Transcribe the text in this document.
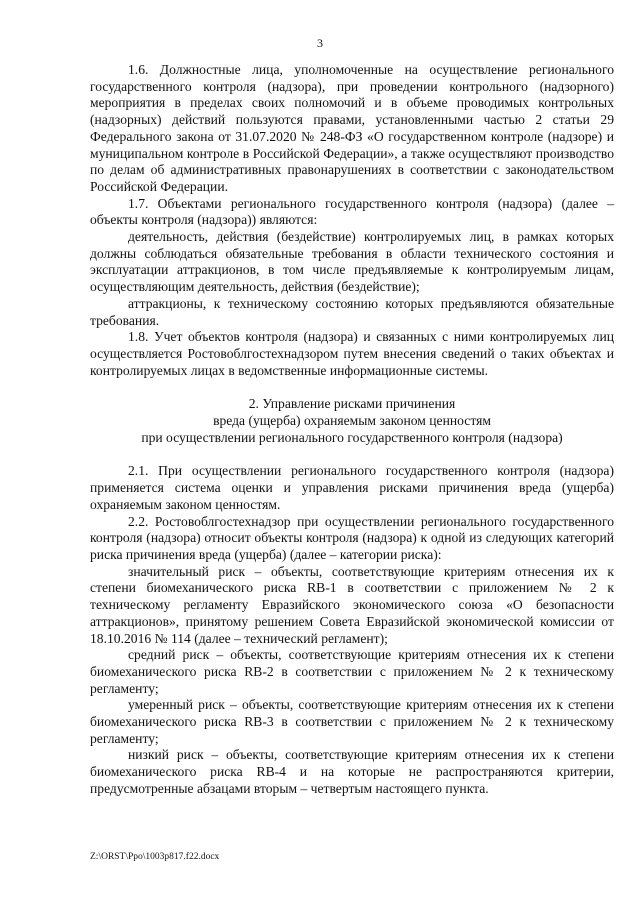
3

1.6. Должностные лица, уполномоченные на осуществление регионального государственного контроля (надзора), при проведении контрольного (надзорного) мероприятия в пределах своих полномочий и в объеме проводимых контрольных (надзорных) действий пользуются правами, установленными частью 2 статьи 29 Федерального закона от 31.07.2020 № 248-ФЗ «О государственном контроле (надзоре) и муниципальном контроле в Российской Федерации», а также осуществляют производство по делам об административных правонарушениях в соответствии с законодательством Российской Федерации.

1.7. Объектами регионального государственного контроля (надзора) (далее – объекты контроля (надзора)) являются:

деятельность, действия (бездействие) контролируемых лиц, в рамках которых должны соблюдаться обязательные требования в области технического состояния и эксплуатации аттракционов, в том числе предъявляемые к контролируемым лицам, осуществляющим деятельность, действия (бездействие);

аттракционы, к техническому состоянию которых предъявляются обязательные требования.

1.8. Учет объектов контроля (надзора) и связанных с ними контролируемых лиц осуществляется Ростовоблгостехнадзором путем внесения сведений о таких объектах и контролируемых лицах в ведомственные информационные системы.

2. Управление рисками причинения
вреда (ущерба) охраняемым законом ценностям
при осуществлении регионального государственного контроля (надзора)

2.1. При осуществлении регионального государственного контроля (надзора) применяется система оценки и управления рисками причинения вреда (ущерба) охраняемым законом ценностям.

2.2. Ростовоблгостехнадзор при осуществлении регионального государственного контроля (надзора) относит объекты контроля (надзора) к одной из следующих категорий риска причинения вреда (ущерба) (далее – категории риска):

значительный риск – объекты, соответствующие критериям отнесения их к степени биомеханического риска RB-1 в соответствии с приложением № 2 к техническому регламенту Евразийского экономического союза «О безопасности аттракционов», принятому решением Совета Евразийской экономической комиссии от 18.10.2016 № 114 (далее – технический регламент);

средний риск – объекты, соответствующие критериям отнесения их к степени биомеханического риска RB-2 в соответствии с приложением № 2 к техническому регламенту;

умеренный риск – объекты, соответствующие критериям отнесения их к степени биомеханического риска RB-3 в соответствии с приложением № 2 к техническому регламенту;

низкий риск – объекты, соответствующие критериям отнесения их к степени биомеханического риска RB-4 и на которые не распространяются критерии, предусмотренные абзацами вторым – четвертым настоящего пункта.

Z:\ORST\Ppo\1003p817.f22.docx
